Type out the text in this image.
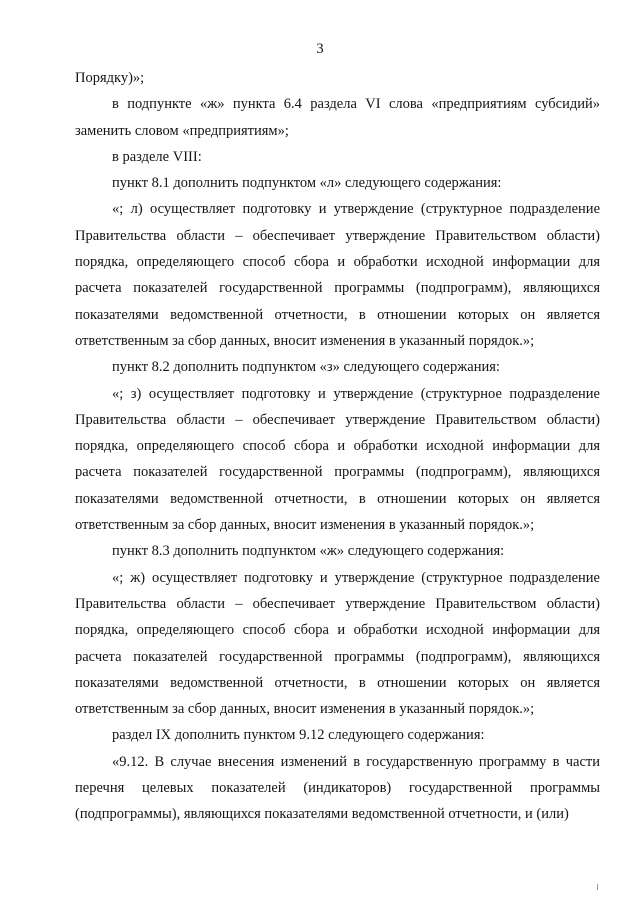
3

Порядку)»;

в подпункте «ж» пункта 6.4 раздела VI слова «предприятиям субсидий» заменить словом «предприятиям»;

в разделе VIII:

пункт 8.1 дополнить подпунктом «л» следующего содержания:

«; л) осуществляет подготовку и утверждение (структурное подразделение Правительства области – обеспечивает утверждение Правительством области) порядка, определяющего способ сбора и обработки исходной информации для расчета показателей государственной программы (подпрограмм), являющихся показателями ведомственной отчетности, в отношении которых он является ответственным за сбор данных, вносит изменения в указанный порядок.»;

пункт 8.2 дополнить подпунктом «з» следующего содержания:

«; з) осуществляет подготовку и утверждение (структурное подразделение Правительства области – обеспечивает утверждение Правительством области) порядка, определяющего способ сбора и обработки исходной информации для расчета показателей государственной программы (подпрограмм), являющихся показателями ведомственной отчетности, в отношении которых он является ответственным за сбор данных, вносит изменения в указанный порядок.»;

пункт 8.3 дополнить подпунктом «ж» следующего содержания:

«; ж) осуществляет подготовку и утверждение (структурное подразделение Правительства области – обеспечивает утверждение Правительством области) порядка, определяющего способ сбора и обработки исходной информации для расчета показателей государственной программы (подпрограмм), являющихся показателями ведомственной отчетности, в отношении которых он является ответственным за сбор данных, вносит изменения в указанный порядок.»;

раздел IX дополнить пунктом 9.12 следующего содержания:

«9.12. В случае внесения изменений в государственную программу в части перечня целевых показателей (индикаторов) государственной программы (подпрограммы), являющихся показателями ведомственной отчетности, и (или)
